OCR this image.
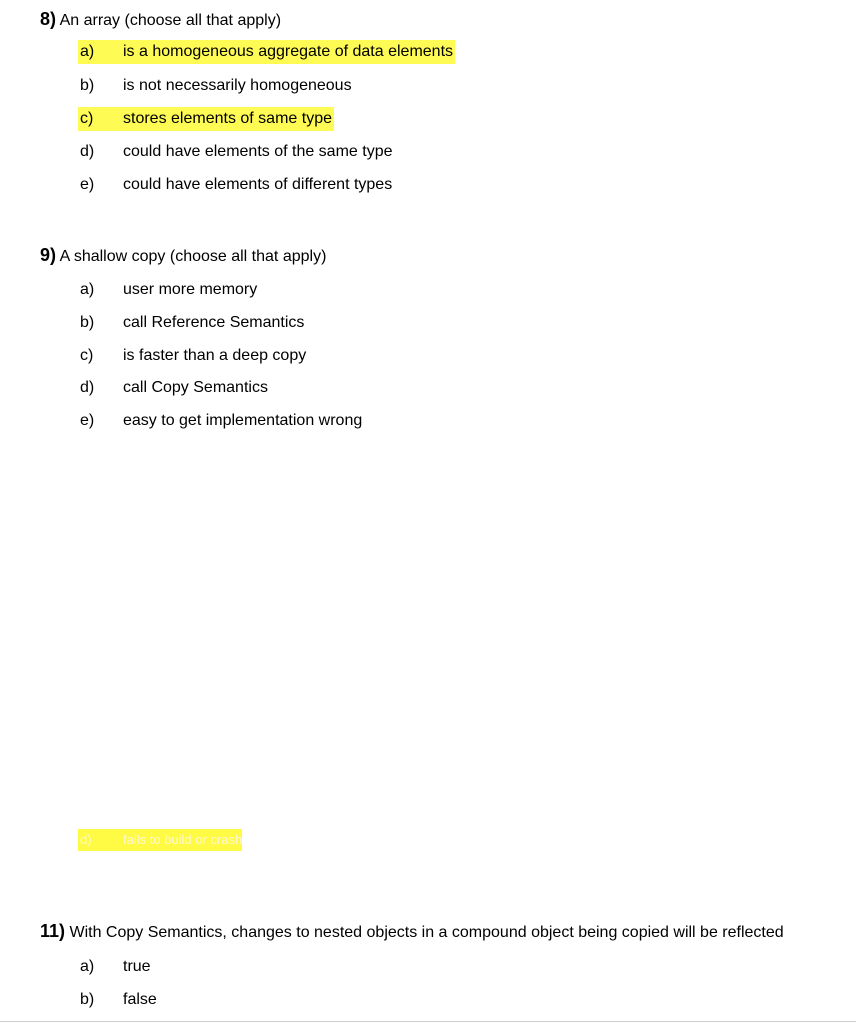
8) An array (choose all that apply)
a) is a homogeneous aggregate of data elements
b) is not necessarily homogeneous
c) stores elements of same type
d) could have elements of the same type
e) could have elements of different types
9) A shallow copy (choose all that apply)
a) user more memory
b) call Reference Semantics
c) is faster than a deep copy
d) call Copy Semantics
e) easy to get implementation wrong
d) fails to build or crash
11) With Copy Semantics, changes to nested objects in a compound object being copied will be reflected
a) true
b) false
